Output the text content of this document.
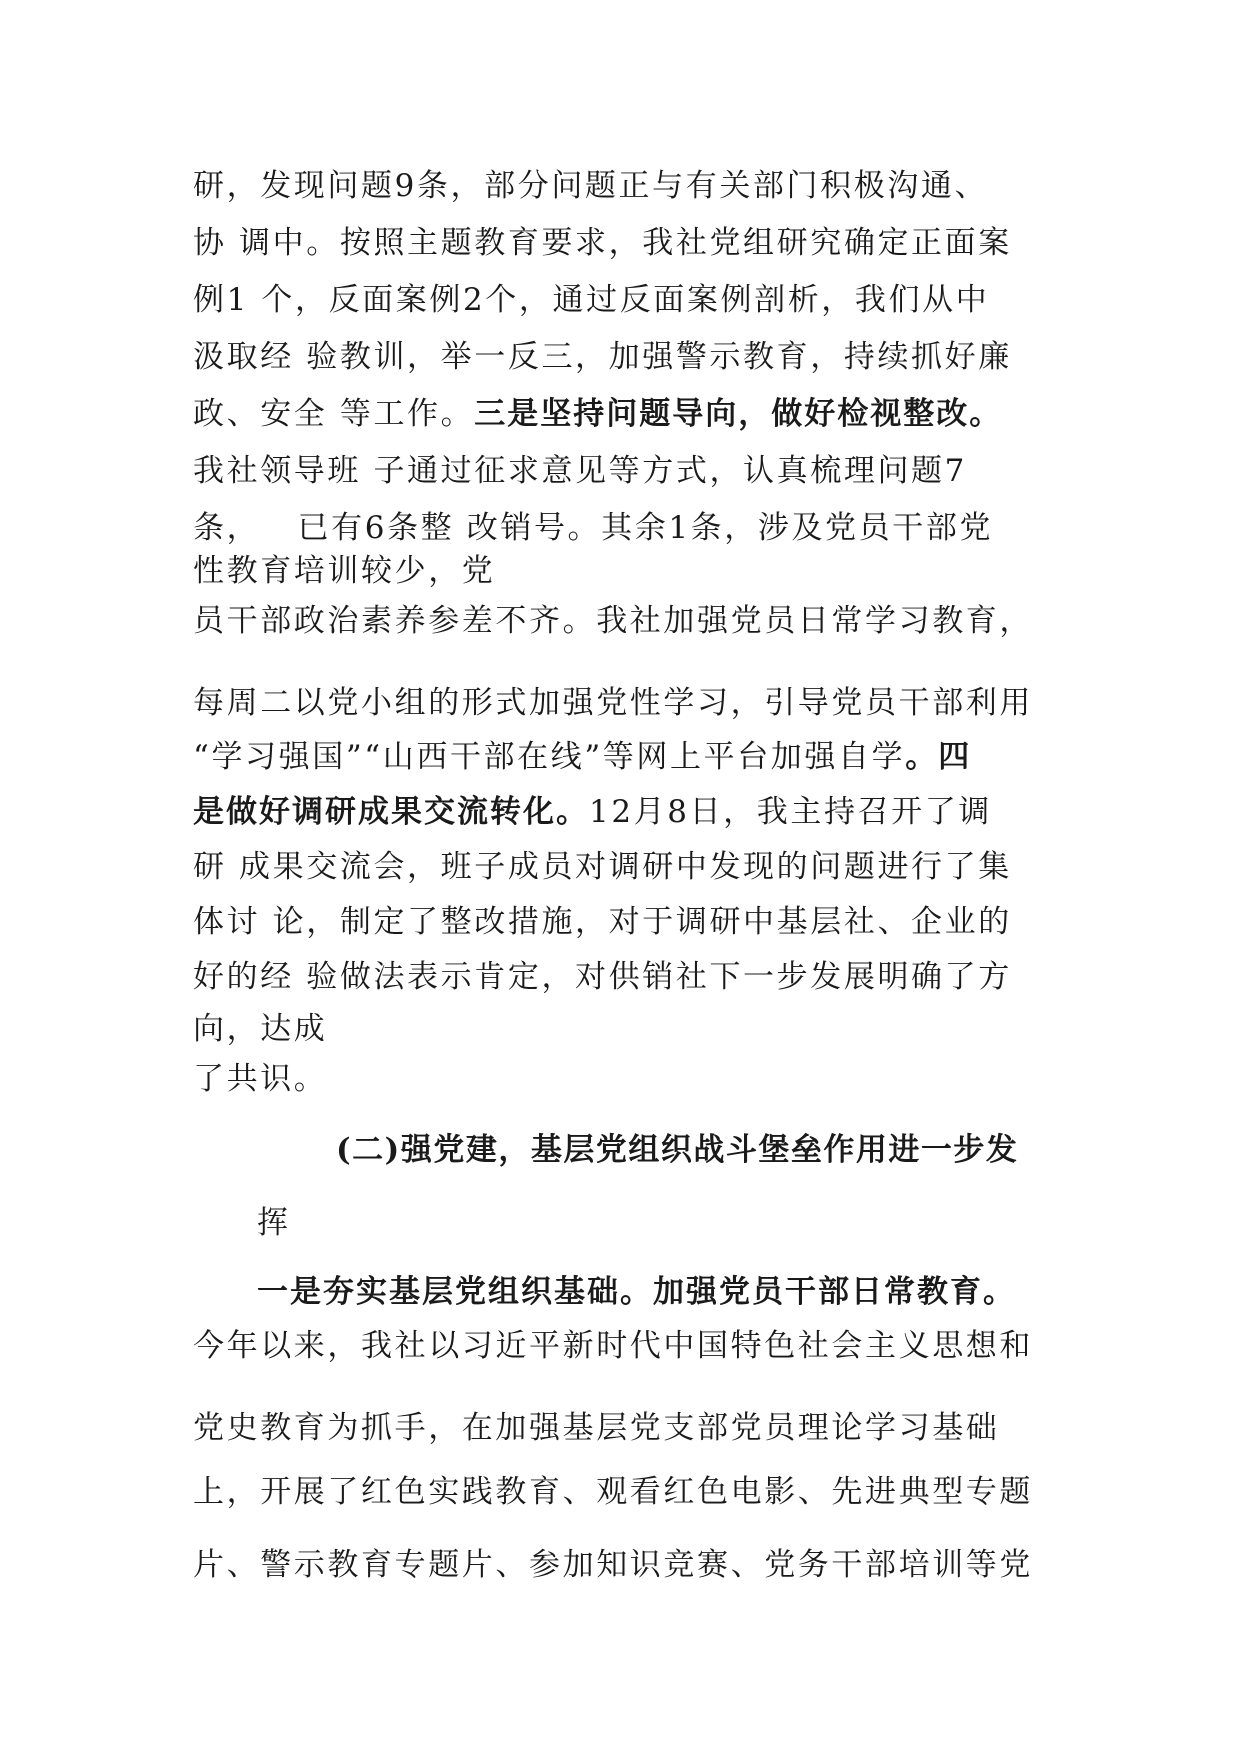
研，发现问题9条，部分问题正与有关部门积极沟通、

协 调中。按照主题教育要求，我社党组研究确定正面案

例1 个，反面案例2个，通过反面案例剖析，我们从中

汲取经 验教训，举一反三，加强警示教育，持续抓好廉

政、安全 等工作。三是坚持问题导向，做好检视整改。

我社领导班 子通过征求意见等方式，认真梳理问题7

条，   已有6条整 改销号。其余1条，涉及党员干部党

性教育培训较少，党

员干部政治素养参差不齐。我社加强党员日常学习教育，

每周二以党小组的形式加强党性学习，引导党员干部利用

“学习强国”“山西干部在线”等网上平台加强自学。四

是做好调研成果交流转化。12月8日，我主持召开了调

研 成果交流会，班子成员对调研中发现的问题进行了集

体讨 论，制定了整改措施，对于调研中基层社、企业的

好的经 验做法表示肯定，对供销社下一步发展明确了方

向，达成

了共识。

(二)强党建，基层党组织战斗堡垒作用进一步发

挥

一是夯实基层党组织基础。加强党员干部日常教育。

今年以来，我社以习近平新时代中国特色社会主义思想和

党史教育为抓手，在加强基层党支部党员理论学习基础

上，开展了红色实践教育、观看红色电影、先进典型专题

片、警示教育专题片、参加知识竞赛、党务干部培训等党
